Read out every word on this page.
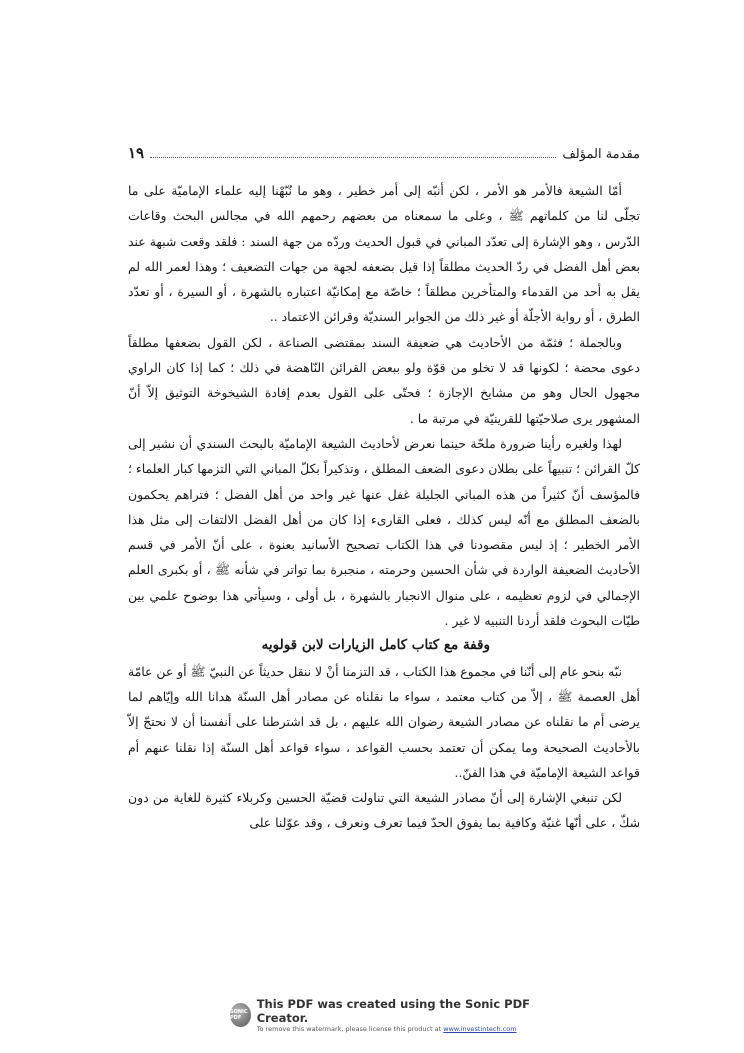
مقدمة المؤلف
١٩

أمّا الشيعة فالأمر هو الأمر ، لكن أنبّه إلى أمر خطير ، وهو ما نُبّهْنا إليه علماء الإماميّة على ما تجلّى لنا من كلماتهم ﷺ ، وعلى ما سمعناه من بعضهم رحمهم الله في مجالس البحث وقاعات الدّرس ، وهو الإشارة إلى تعدّد المباني في قبول الحديث وردّه من جهة السند : فلقد وقعت شبهة عند بعض أهل الفضل في ردّ الحديث مطلقاً إذا قيل بضعفه لجهة من جهات التضعيف ؛ وهذا لعمر الله لم يقل به أحد من القدماء والمتأخرين مطلقاً ؛ خاصّة مع إمكانيّة اعتباره بالشهرة ، أو السيرة ، أو تعدّد الطرق ، أو رواية الأجلّة أو غير ذلك من الجوابر السنديّة وقرائن الاعتماد ..

وبالجملة ؛ فثمّة من الأحاديث هي ضعيفة السند بمقتضى الصناعة ، لكن القول بضعفها مطلقاً دعوى محضة ؛ لكونها قد لا تخلو من قوّة ولو ببعض القرائن النّاهضة في ذلك ؛ كما إذا كان الراوي مجهول الحال وهو من مشايخ الإجازة ؛ فحتّى على القول بعدم إفادة الشيخوخة التوثيق إلاّ أنّ المشهور يرى صلاحيّتها للقرينيّة في مرتبة ما .

لهذا ولغيره رأينا ضرورة ملحّة حينما نعرض لأحاديث الشيعة الإماميّة بالبحث السندي أن نشير إلى كلّ القرائن ؛ تنبيهاً على بطلان دعوى الضعف المطلق ، وتذكيراً بكلّ المباني التي التزمها كبار العلماء ؛ فالمؤسف أنّ كثيراً من هذه المباني الجليلة غفل عنها غير واحد من أهل الفضل ؛ فتراهم يحكمون بالضعف المطلق مع أنّه ليس كذلك ، فعلى القارىء إذا كان من أهل الفضل الالتفات إلى مثل هذا الأمر الخطير ؛ إذ ليس مقصودنا في هذا الكتاب تصحيح الأسانيد بعنوة ، على أنّ الأمر في قسم الأحاديث الضعيفة الواردة في شأن الحسين وحرمته ، منجبرة بما تواتر في شأنه ﷺ ، أو بكبرى العلم الإجمالي في لزوم تعظيمه ، على منوال الانجبار بالشهرة ، بل أولى ، وسيأتي هذا بوضوح علمي بين طيّات البحوث فلقد أردنا التنبيه لا غير .

وقفة مع كتاب كامل الزيارات لابن قولويه

نبّه بنحو عام إلى أنّنا في مجموع هذا الكتاب ، قد التزمنا أنْ لا ننقل حديثاً عن النبيّ ﷺ أو عن عامّة أهل العصمة ﷺ ، إلاّ من كتاب معتمد ، سواء ما نقلناه عن مصادر أهل السنّة هدانا الله وإيّاهم لما يرضى أم ما نقلناه عن مصادر الشيعة رضوان الله عليهم ، بل قد اشترطنا على أنفسنا أن لا نحتجّ إلاّ بالأحاديث الصحيحة وما يمكن أن تعتمد بحسب القواعد ، سواء قواعد أهل السنّة إذا نقلنا عنهم أم قواعد الشيعة الإماميّة في هذا الفنّ..

لكن تنبغي الإشارة إلى أنّ مصادر الشيعة التي تناولت قضيّة الحسين وكربلاء كثيرة للغاية من دون شكّ ، على أنّها غنيّة وكافية بما يفوق الحدّ فيما تعرف ونعرف ، وقد عوّلنا على

SONIC PDF
This PDF was created using the Sonic PDF Creator.
To remove this watermark, please license this product at www.investintech.com
